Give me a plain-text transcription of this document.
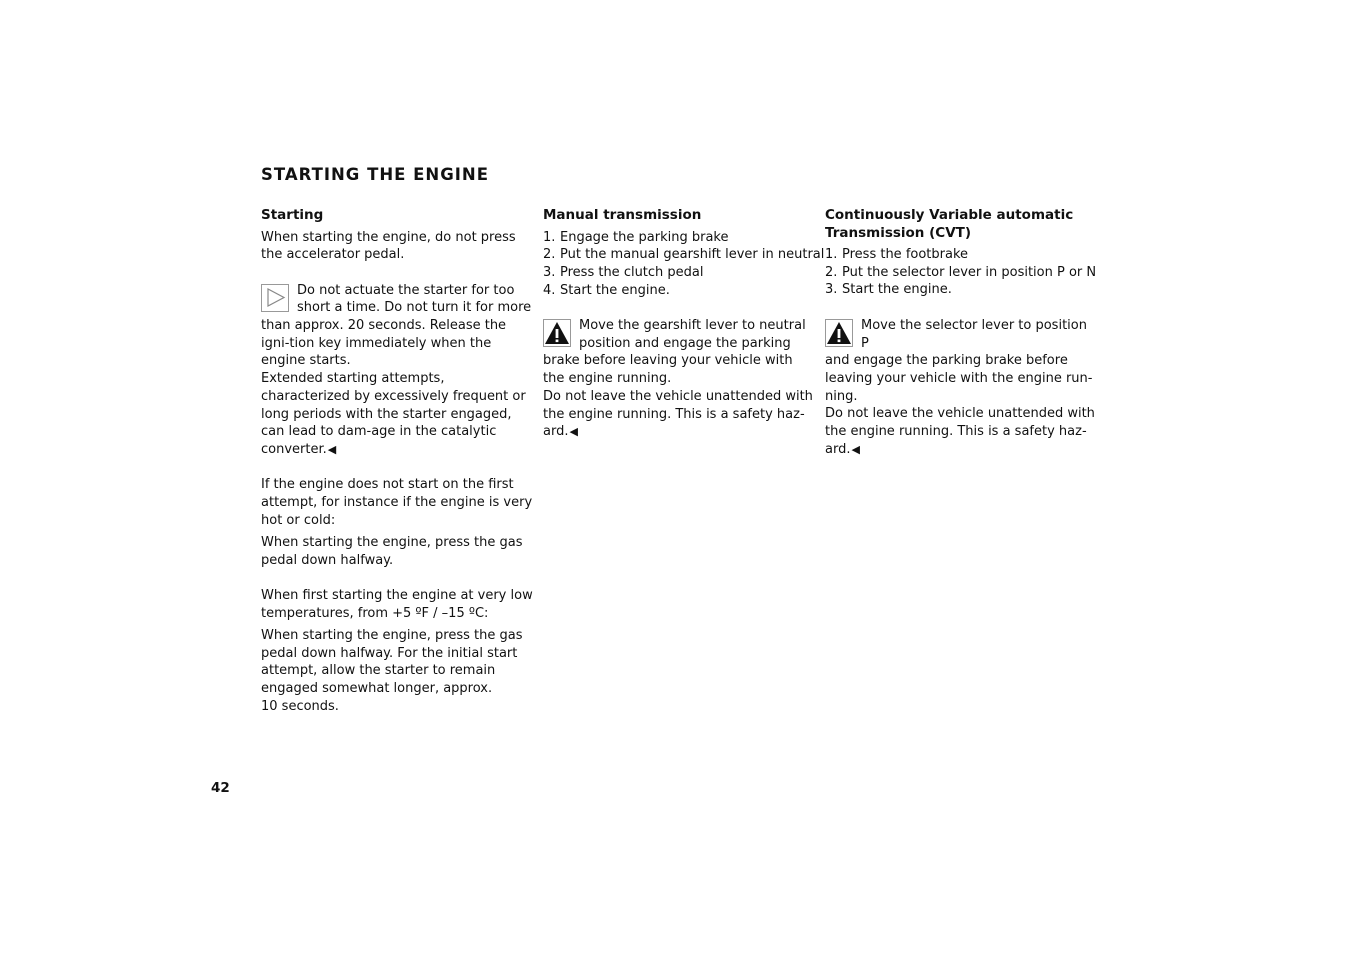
STARTING THE ENGINE
Starting

When starting the engine, do not press the accelerator pedal.

Do not actuate the starter for too

short a time. Do not turn it for more

than approx. 20 seconds. Release the igni-tion key immediately when the engine starts.

Extended starting attempts, characterized by excessively frequent or long periods with the starter engaged, can lead to dam-age in the catalytic converter.

◀

If the engine does not start on the first attempt, for instance if the engine is very hot or cold:

When starting the engine, press the gas pedal down halfway.

When first starting the engine at very low temperatures, from +5 ºF / –15 ºC:

When starting the engine, press the gas pedal down halfway. For the initial start attempt, allow the starter to remain engaged somewhat longer, approx.

10 seconds.

Manual transmission
1. Engage the parking brake
2. Put the manual gearshift lever in neutral
3. Press the clutch pedal
4. Start the engine.

Move the gearshift lever to neutral

position and engage the parking

brake before leaving your vehicle with the engine running.

Do not leave the vehicle unattended with the engine running. This is a safety haz-ard.

◀
Continuously Variable automatic Transmission (CVT)
1. Press the footbrake
2. Put the selector lever in position P or N
3. Start the engine.

Move the selector lever to position P

and engage the parking brake before

leaving your vehicle with the engine run-ning.

Do not leave the vehicle unattended with the engine running. This is a safety haz-ard.

◀
42
